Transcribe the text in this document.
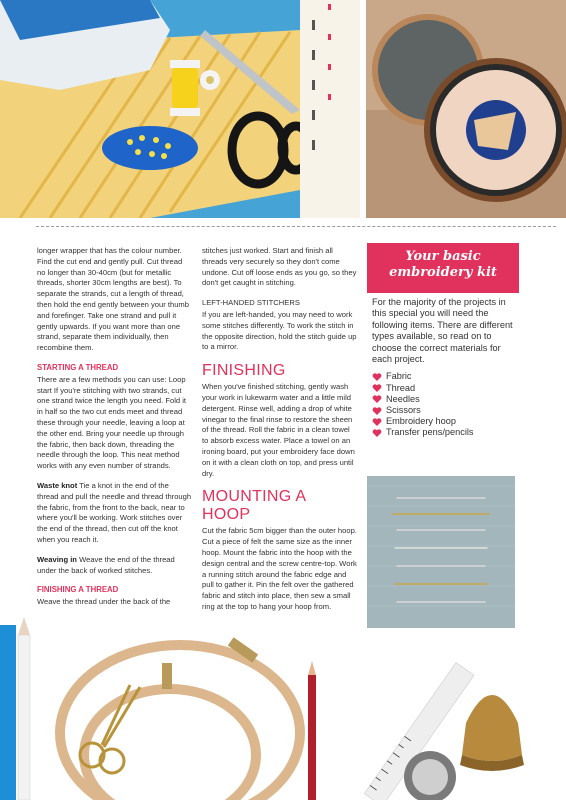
longer wrapper that has the colour number. Find the cut end and gently pull. Cut thread no longer than 30-40cm (but for metallic threads, shorter 30cm lengths are best). To separate the strands, cut a length of thread, then hold the end gently between your thumb and forefinger. Take one strand and pull it gently upwards. If you want more than one strand, separate them individually, then recombine them.

STARTING A THREAD

There are a few methods you can use: Loop start If you're stitching with two strands, cut one strand twice the length you need. Fold it in half so the two cut ends meet and thread these through your needle, leaving a loop at the other end. Bring your needle up through the fabric, then back down, threading the needle through the loop. This neat method works with any even number of strands.

Waste knot Tie a knot in the end of the thread and pull the needle and thread through the fabric, from the front to the back, near to where you'll be working. Work stitches over the end of the thread, then cut off the knot when you reach it.

Weaving in Weave the end of the thread under the back of worked stitches.

FINISHING A THREAD

Weave the thread under the back of the

stitches just worked. Start and finish all threads very securely so they don't come undone. Cut off loose ends as you go, so they don't get caught in stitching.

LEFT-HANDED STITCHERS

If you are left-handed, you may need to work some stitches differently. To work the stitch in the opposite direction, hold the stitch guide up to a mirror.

FINISHING

When you've finished stitching, gently wash your work in lukewarm water and a little mild detergent. Rinse well, adding a drop of white vinegar to the final rinse to restore the sheen of the thread. Roll the fabric in a clean towel to absorb excess water. Place a towel on an ironing board, put your embroidery face down on it with a clean cloth on top, and press until dry.

MOUNTING A HOOP

Cut the fabric 5cm bigger than the outer hoop. Cut a piece of felt the same size as the inner hoop. Mount the fabric into the hoop with the design central and the screw centre-top. Work a running stitch around the fabric edge and pull to gather it. Pin the felt over the gathered fabric and stitch into place, then sew a small ring at the top to hang your hoop from.

Your basic
embroidery kit

For the majority of the projects in this special you will need the following items. There are different types available, so read on to choose the correct materials for each project.

Fabric
Thread
Needles
Scissors
Embroidery hoop
Transfer pens/pencils
PassionForum.ru
